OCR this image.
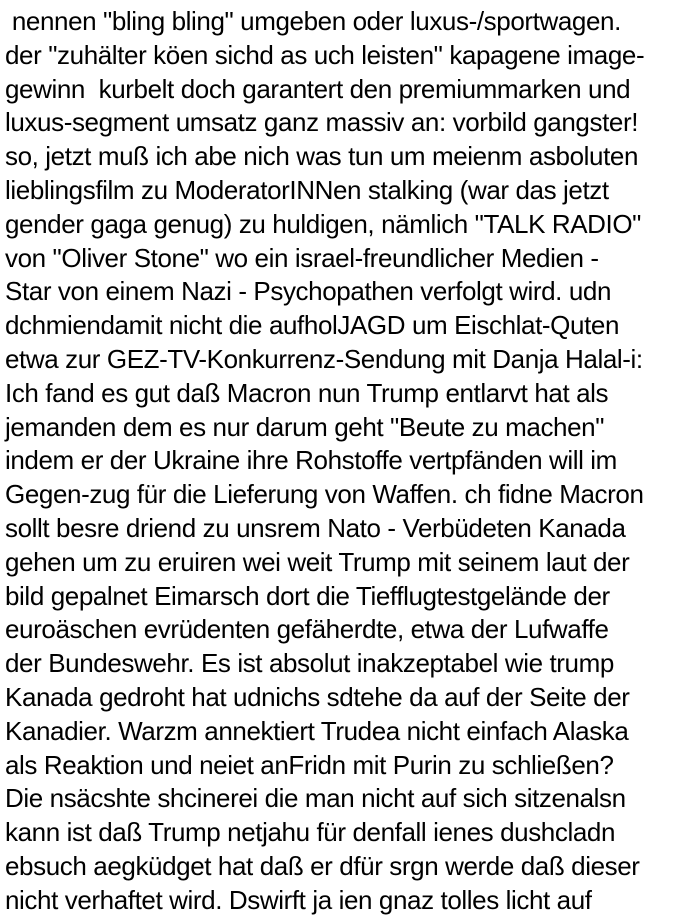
nennen "bling bling" umgeben oder luxus-/sportwagen.
der "zuhälter köen sichd as uch leisten" kapagene image-
gewinn  kurbelt doch garantert den premiummarken und
luxus-segment umsatz ganz massiv an: vorbild gangster!
so, jetzt muß ich abe nich was tun um meienm asboluten
lieblingsfilm zu ModeratorINNen stalking (war das jetzt
gender gaga genug) zu huldigen, nämlich "TALK RADIO"
von "Oliver Stone" wo ein israel-freundlicher Medien -
Star von einem Nazi - Psychopathen verfolgt wird. udn
dchmiendamit nicht die aufholJAGD um Eischlat-Quten
etwa zur GEZ-TV-Konkurrenz-Sendung mit Danja Halal-i:
Ich fand es gut daß Macron nun Trump entlarvt hat als
jemanden dem es nur darum geht "Beute zu machen"
indem er der Ukraine ihre Rohstoffe vertpfänden will im
Gegen-zug für die Lieferung von Waffen. ch fidne Macron
sollt besre driend zu unsrem Nato - Verbüdeten Kanada
gehen um zu eruiren wei weit Trump mit seinem laut der
bild gepalnet Eimarsch dort die Tiefflugtestgelände der
euroäschen evrüdenten gefäherdte, etwa der Lufwaffe
der Bundeswehr. Es ist absolut inakzeptabel wie trump
Kanada gedroht hat udnichs sdtehe da auf der Seite der
Kanadier. Warzm annektiert Trudea nicht einfach Alaska
als Reaktion und neiet anFridn mit Purin zu schließen?
Die nsäcshte shcinerei die man nicht auf sich sitzenalsn
kann ist daß Trump netjahu für denfall ienes dushcladn
ebsuch aegküdget hat daß er dfür srgn werde daß dieser
nicht verhaftet wird. Dswirft ja ien gnaz tolles licht auf
